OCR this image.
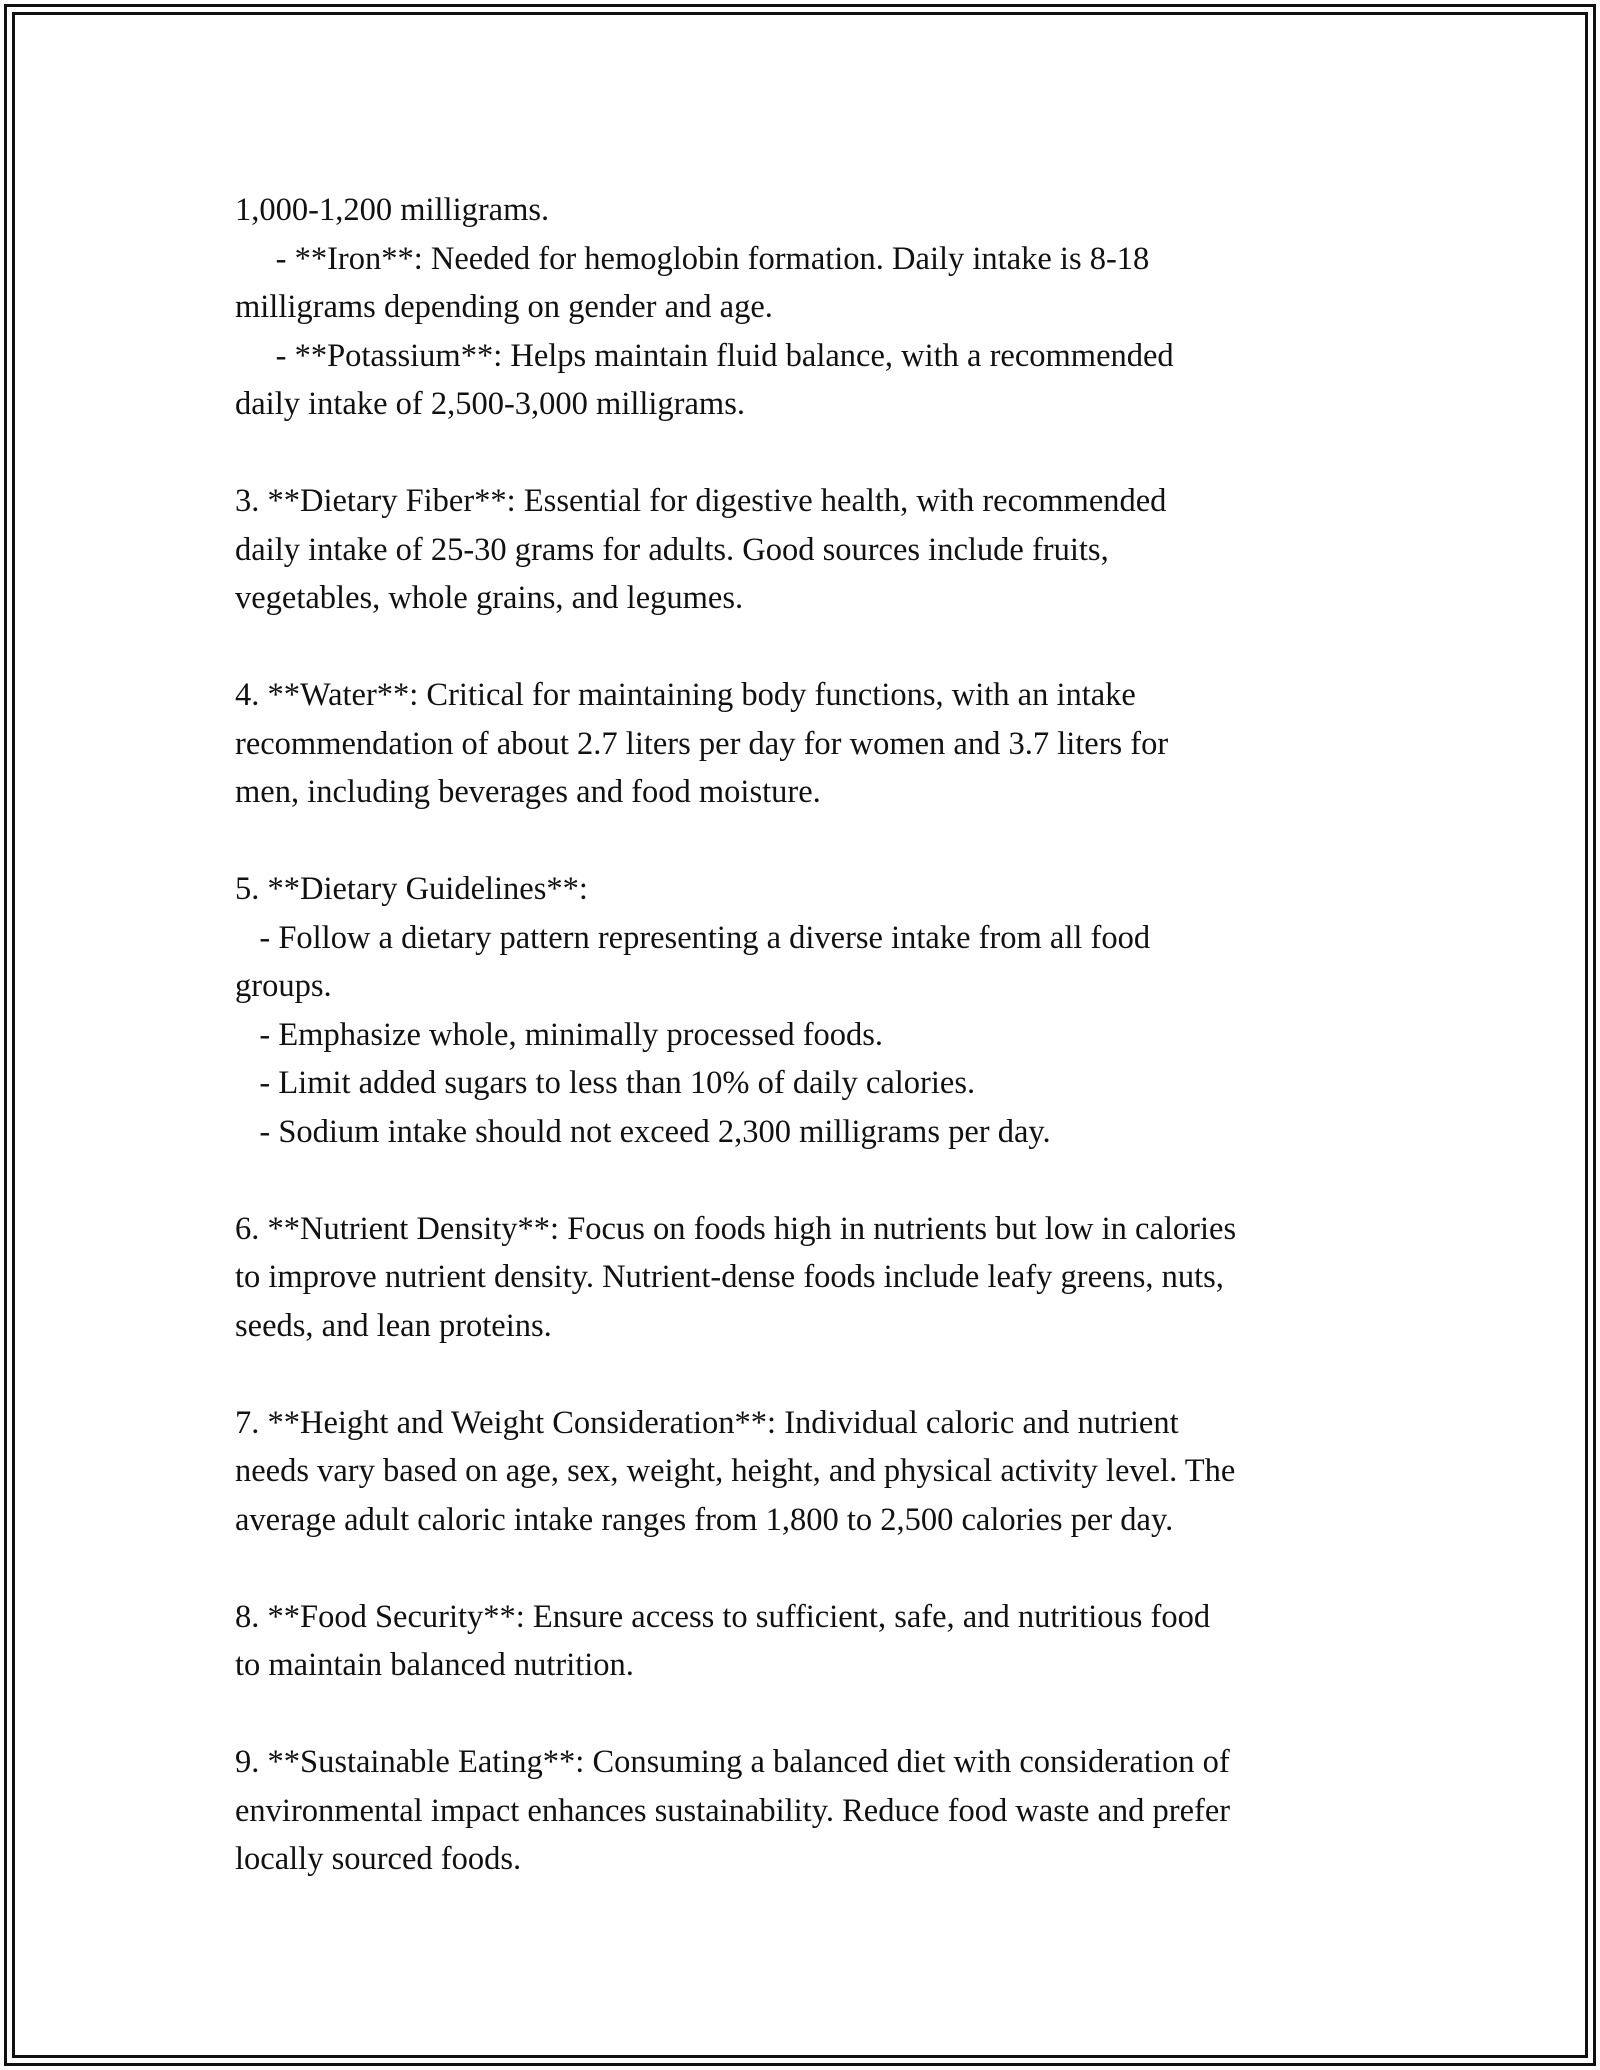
1,000-1,200 milligrams.
- **Iron**: Needed for hemoglobin formation. Daily intake is 8-18
milligrams depending on gender and age.
- **Potassium**: Helps maintain fluid balance, with a recommended
daily intake of 2,500-3,000 milligrams.
3. **Dietary Fiber**: Essential for digestive health, with recommended
daily intake of 25-30 grams for adults. Good sources include fruits,
vegetables, whole grains, and legumes.
4. **Water**: Critical for maintaining body functions, with an intake
recommendation of about 2.7 liters per day for women and 3.7 liters for
men, including beverages and food moisture.
5. **Dietary Guidelines**:
- Follow a dietary pattern representing a diverse intake from all food
groups.
- Emphasize whole, minimally processed foods.
- Limit added sugars to less than 10% of daily calories.
- Sodium intake should not exceed 2,300 milligrams per day.
6. **Nutrient Density**: Focus on foods high in nutrients but low in calories
to improve nutrient density. Nutrient-dense foods include leafy greens, nuts,
seeds, and lean proteins.
7. **Height and Weight Consideration**: Individual caloric and nutrient
needs vary based on age, sex, weight, height, and physical activity level. The
average adult caloric intake ranges from 1,800 to 2,500 calories per day.
8. **Food Security**: Ensure access to sufficient, safe, and nutritious food
to maintain balanced nutrition.
9. **Sustainable Eating**: Consuming a balanced diet with consideration of
environmental impact enhances sustainability. Reduce food waste and prefer
locally sourced foods.
